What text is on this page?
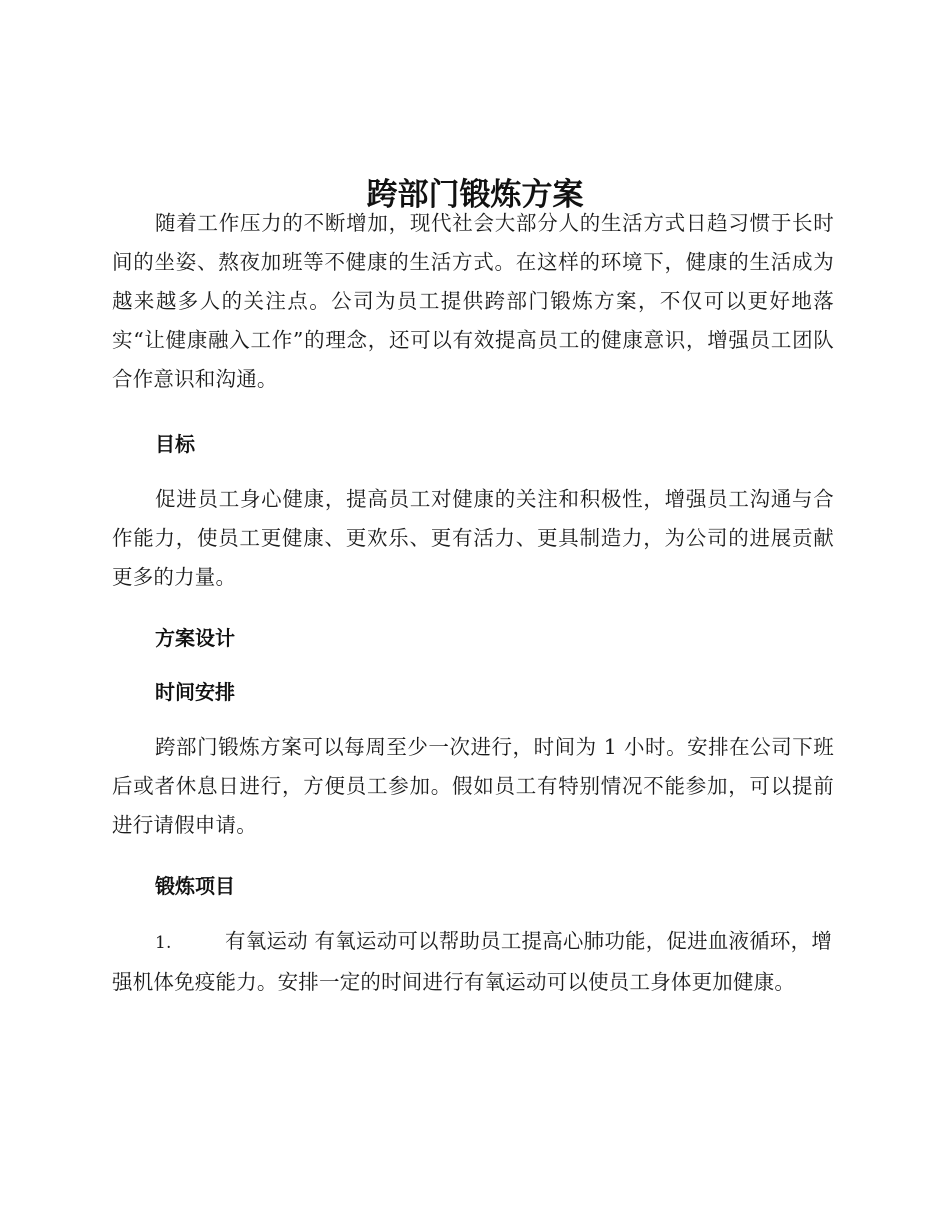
跨部门锻炼方案

随着工作压力的不断增加，现代社会大部分人的生活方式日趋习惯于长时间的坐姿、熬夜加班等不健康的生活方式。在这样的环境下，健康的生活成为越来越多人的关注点。公司为员工提供跨部门锻炼方案，不仅可以更好地落实“让健康融入工作”的理念，还可以有效提高员工的健康意识，增强员工团队合作意识和沟通。

目标

促进员工身心健康，提高员工对健康的关注和积极性，增强员工沟通与合作能力，使员工更健康、更欢乐、更有活力、更具制造力，为公司的进展贡献更多的力量。

方案设计
时间安排

跨部门锻炼方案可以每周至少一次进行，时间为 1 小时。安排在公司下班后或者休息日进行，方便员工参加。假如员工有特别情况不能参加，可以提前进行请假申请。

锻炼项目

1.	有氧运动 有氧运动可以帮助员工提高心肺功能，促进血液循环，增强机体免疫能力。安排一定的时间进行有氧运动可以使员工身体更加健康。
